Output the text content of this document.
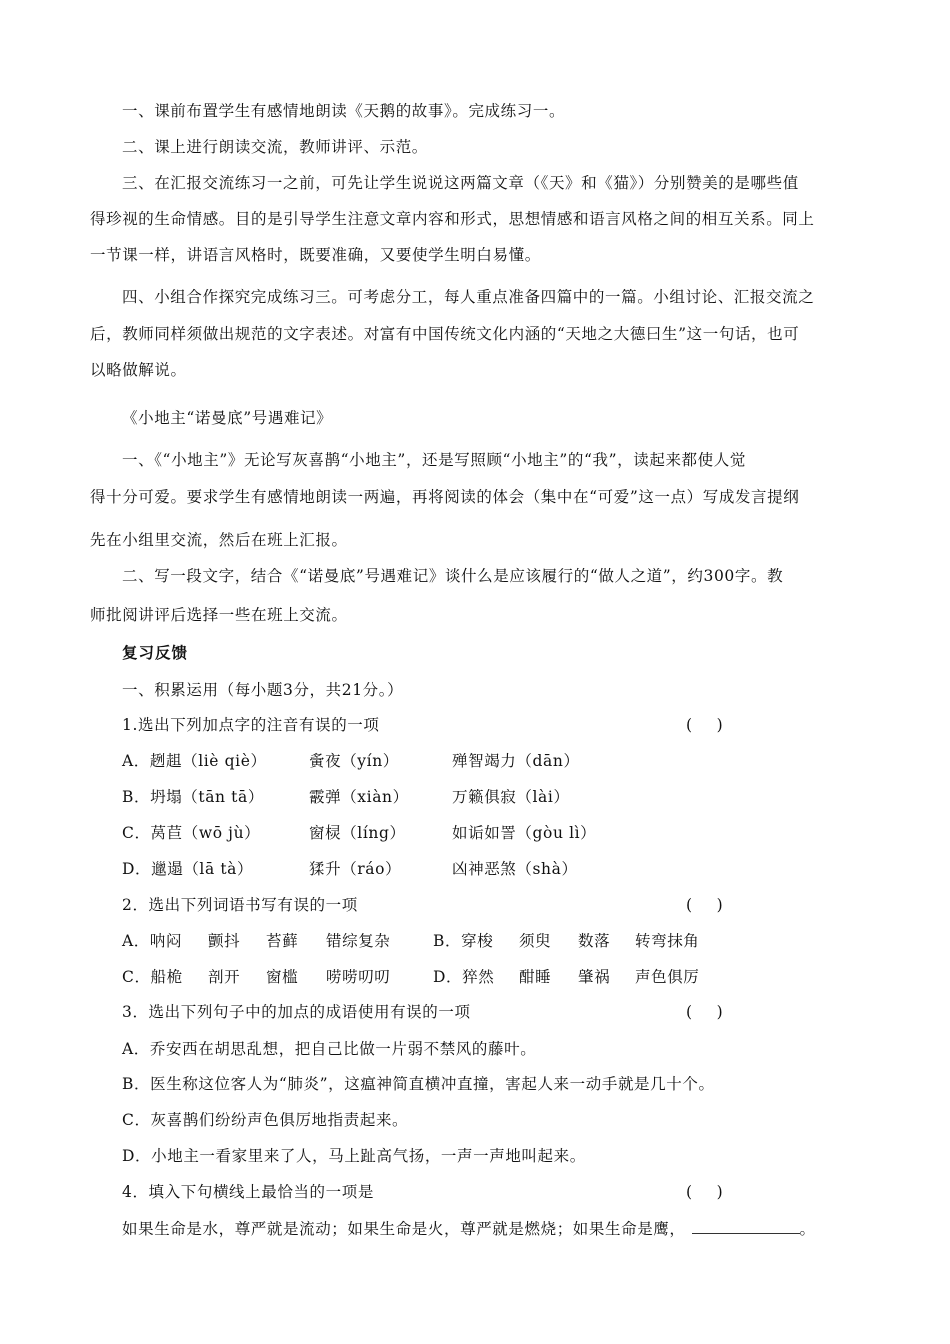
一、课前布置学生有感情地朗读《天鹅的故事》。完成练习一。
二、课上进行朗读交流，教师讲评、示范。
三、在汇报交流练习一之前，可先让学生说说这两篇文章（《天》和《猫》）分别赞美的是哪些值
得珍视的生命情感。目的是引导学生注意文章内容和形式，思想情感和语言风格之间的相互关系。同上
一节课一样，讲语言风格时，既要准确，又要使学生明白易懂。
四、小组合作探究完成练习三。可考虑分工，每人重点准备四篇中的一篇。小组讨论、汇报交流之
后，教师同样须做出规范的文字表述。对富有中国传统文化内涵的“天地之大德曰生”这一句话，也可
以略做解说。
《小地主“诺曼底”号遇难记》
一、《“小地主”》无论写灰喜鹊“小地主”，还是写照顾“小地主”的“我”，读起来都使人觉
得十分可爱。要求学生有感情地朗读一两遍，再将阅读的体会（集中在“可爱”这一点）写成发言提纲
先在小组里交流，然后在班上汇报。
二、写一段文字，结合《“诺曼底”号遇难记》谈什么是应该履行的“做人之道”，约300字。教
师批阅讲评后选择一些在班上交流。
复习反馈
一、积累运用（每小题3分，共21分。）
1.选出下列加点字的注音有误的一项	(     )
A．趔趄（liè qiè）	夤夜（yín）	殚智竭力（dān）
B．坍塌（tān tā）	霰弹（xiàn）	万籁俱寂（lài）
C．莴苣（wō jù）	窗棂（líng）	如诟如詈（gòu lì）
D．邋遢（lā tà）	猱升（ráo）	凶神恶煞（shà）
2．选出下列词语书写有误的一项	(     )
A．呐闷 颤抖 苔藓 错综复杂	B．穿梭 须臾 数落 转弯抹角
C．船桅 剖开 窗槛 唠唠叨叨	D．猝然 酣睡 肇祸 声色俱厉
3．选出下列句子中的加点的成语使用有误的一项	(     )
A．乔安西在胡思乱想，把自己比做一片弱不禁风的藤叶。
B．医生称这位客人为“肺炎”，这瘟神简直横冲直撞，害起人来一动手就是几十个。
C．灰喜鹊们纷纷声色俱厉地指责起来。
D．小地主一看家里来了人，马上趾高气扬，一声一声地叫起来。
4．填入下句横线上最恰当的一项是	(     )
如果生命是水，尊严就是流动；如果生命是火，尊严就是燃烧；如果生命是鹰，	。
